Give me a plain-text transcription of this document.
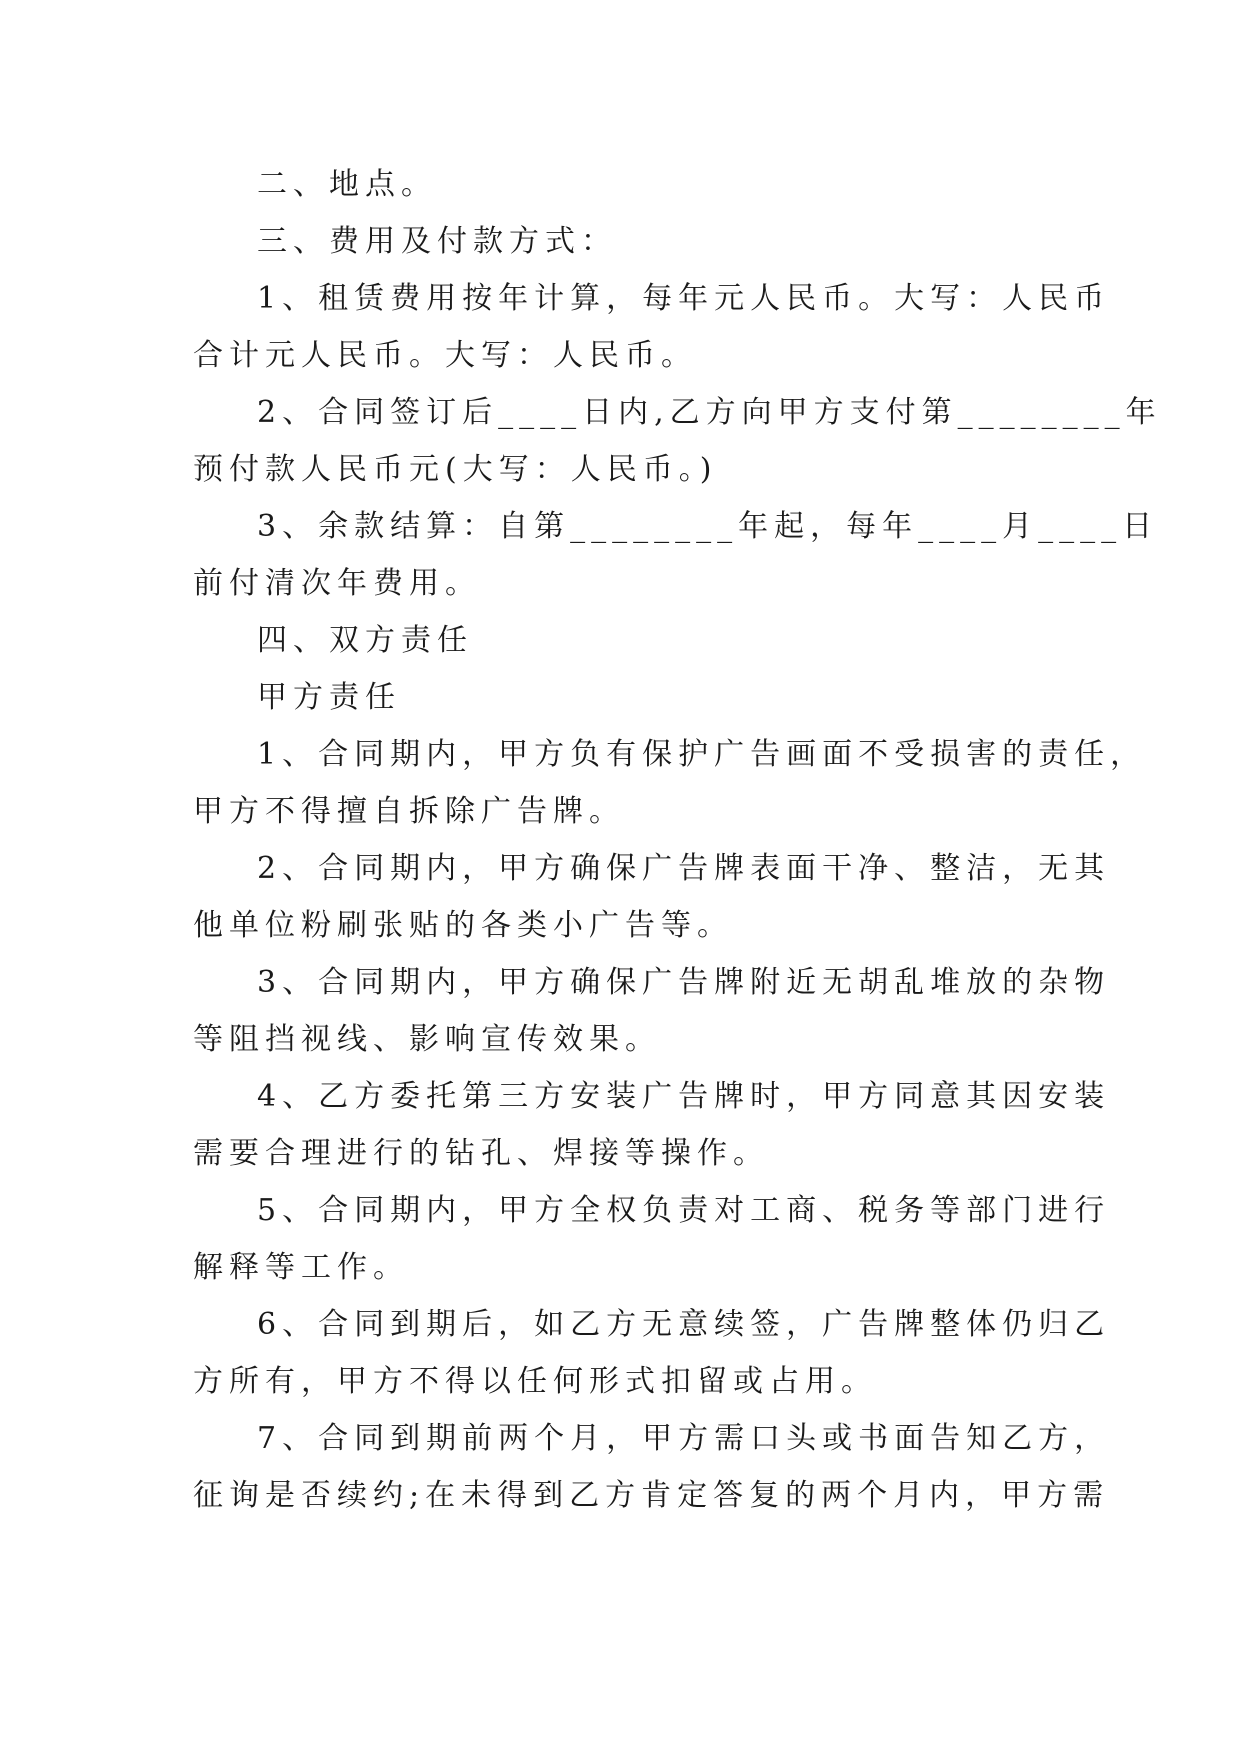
二、地点。
三、费用及付款方式：
1、租赁费用按年计算，每年元人民币。大写：人民币
合计元人民币。大写：人民币。
2、合同签订后____日内,乙方向甲方支付第________年
预付款人民币元(大写：人民币。)
3、余款结算：自第________年起，每年____月____日
前付清次年费用。
四、双方责任
甲方责任
1、合同期内，甲方负有保护广告画面不受损害的责任，
甲方不得擅自拆除广告牌。
2、合同期内，甲方确保广告牌表面干净、整洁，无其
他单位粉刷张贴的各类小广告等。
3、合同期内，甲方确保广告牌附近无胡乱堆放的杂物
等阻挡视线、影响宣传效果。
4、乙方委托第三方安装广告牌时，甲方同意其因安装
需要合理进行的钻孔、焊接等操作。
5、合同期内，甲方全权负责对工商、税务等部门进行
解释等工作。
6、合同到期后，如乙方无意续签，广告牌整体仍归乙
方所有，甲方不得以任何形式扣留或占用。
7、合同到期前两个月，甲方需口头或书面告知乙方，
征询是否续约;在未得到乙方肯定答复的两个月内，甲方需
